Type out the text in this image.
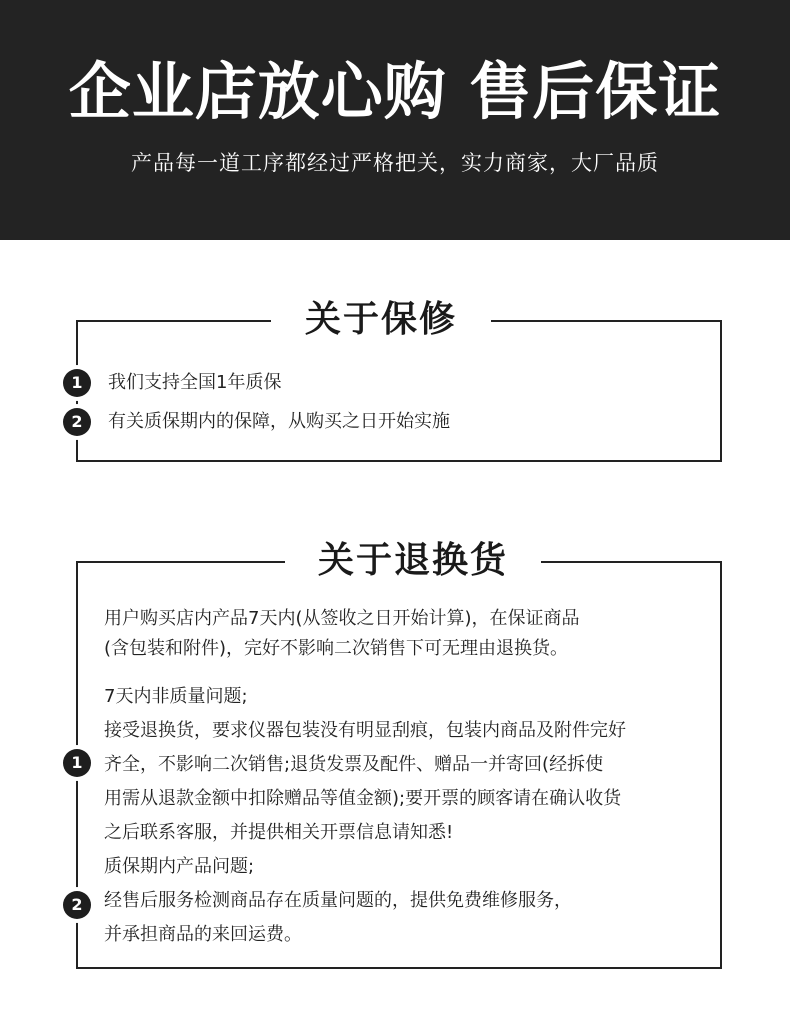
企业店放心购 售后保证
产品每一道工序都经过严格把关，实力商家，大厂品质
关于保修
1	我们支持全国1年质保
2	有关质保期内的保障，从购买之日开始实施
关于退换货

用户购买店内产品7天内(从签收之日开始计算)，在保证商品

(含包装和附件)，完好不影响二次销售下可无理由退换货。

7天内非质量问题;

接受退换货，要求仪器包装没有明显刮痕，包装内商品及附件完好

齐全，不影响二次销售;退货发票及配件、赠品一并寄回(经拆使

用需从退款金额中扣除赠品等值金额);要开票的顾客请在确认收货

之后联系客服，并提供相关开票信息请知悉!

1

质保期内产品问题;

经售后服务检测商品存在质量问题的，提供免费维修服务，

并承担商品的来回运费。

2
